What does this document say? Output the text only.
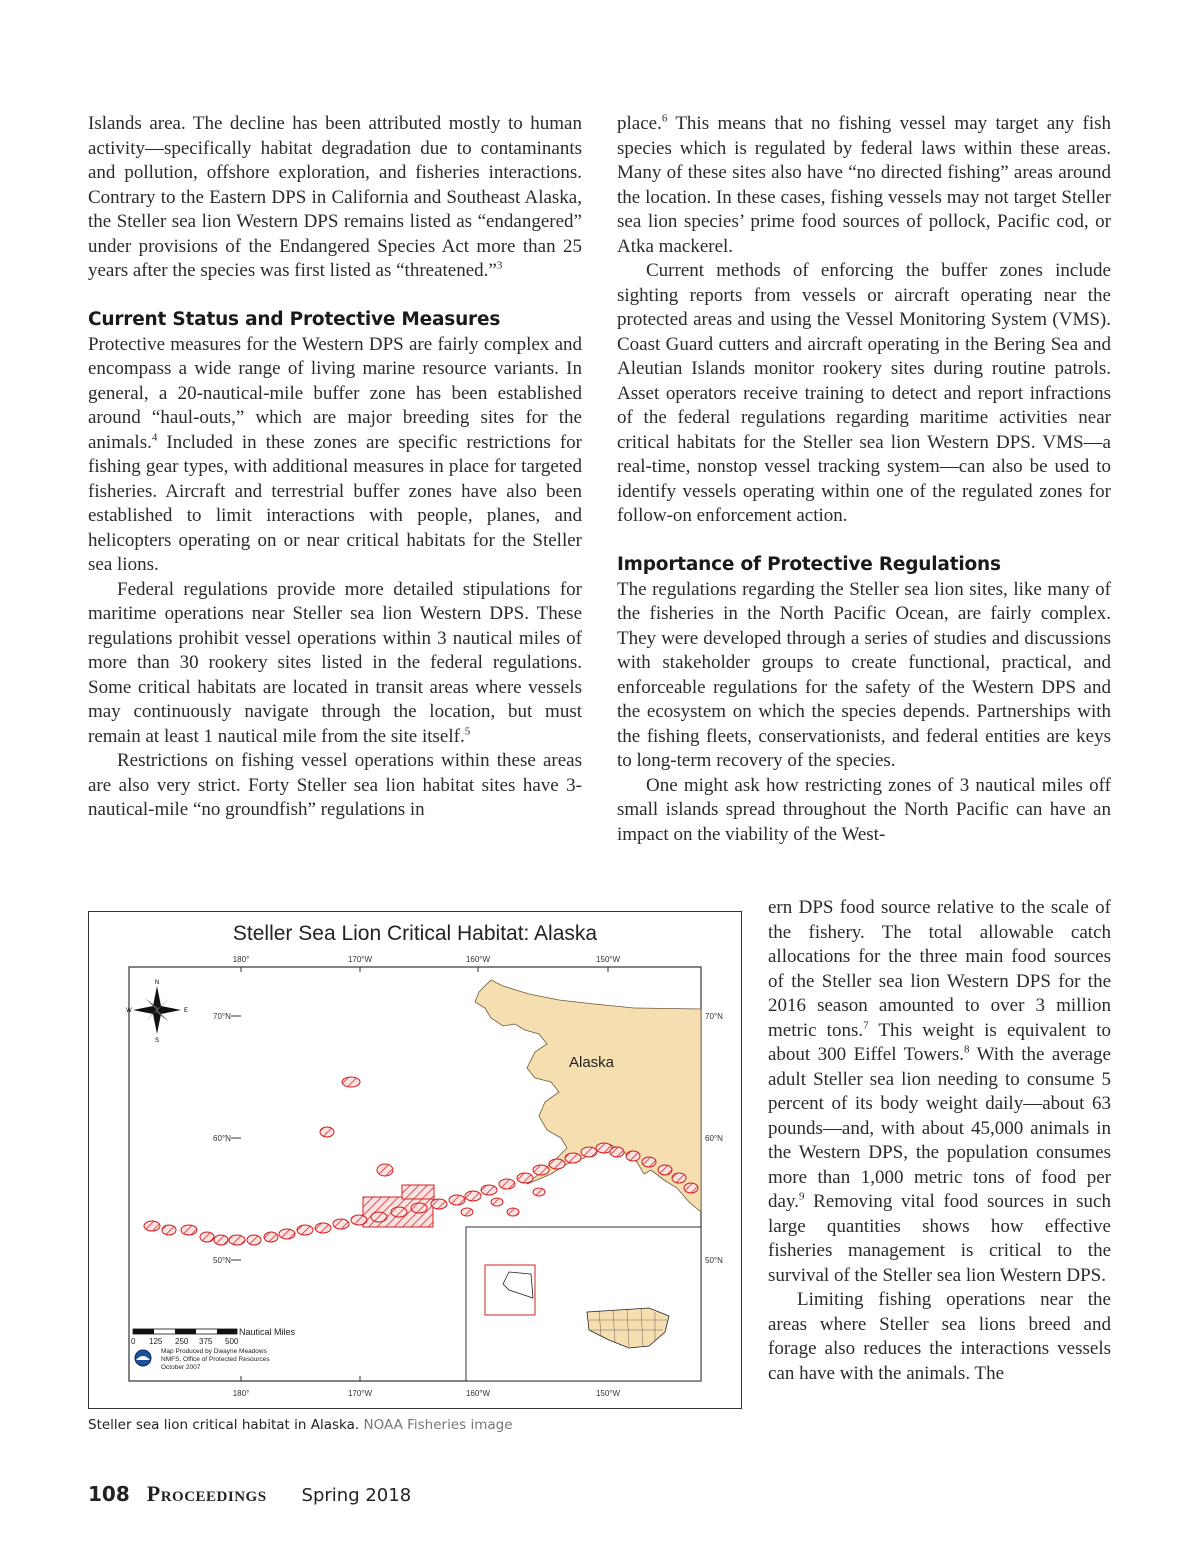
Islands area. The decline has been attributed mostly to human activity—specifically habitat degradation due to contaminants and pollution, offshore exploration, and fisheries interactions. Contrary to the Eastern DPS in California and Southeast Alaska, the Steller sea lion Western DPS remains listed as “endangered” under provisions of the Endangered Species Act more than 25 years after the species was first listed as “threatened.”$^3$

Current Status and Protective Measures

Protective measures for the Western DPS are fairly complex and encompass a wide range of living marine resource variants. In general, a 20-nautical-mile buffer zone has been established around “haul-outs,” which are major breeding sites for the animals.$^4$ Included in these zones are specific restrictions for fishing gear types, with additional measures in place for targeted fisheries. Aircraft and terrestrial buffer zones have also been established to limit interactions with people, planes, and helicopters operating on or near critical habitats for the Steller sea lions.

Federal regulations provide more detailed stipulations for maritime operations near Steller sea lion Western DPS. These regulations prohibit vessel operations within 3 nautical miles of more than 30 rookery sites listed in the federal regulations. Some critical habitats are located in transit areas where vessels may continuously navigate through the location, but must remain at least 1 nautical mile from the site itself.$^5$

Restrictions on fishing vessel operations within these areas are also very strict. Forty Steller sea lion habitat sites have 3-nautical-mile “no groundfish” regulations in

place.$^6$ This means that no fishing vessel may target any fish species which is regulated by federal laws within these areas. Many of these sites also have “no directed fishing” areas around the location. In these cases, fishing vessels may not target Steller sea lion species’ prime food sources of pollock, Pacific cod, or Atka mackerel.

Current methods of enforcing the buffer zones include sighting reports from vessels or aircraft operating near the protected areas and using the Vessel Monitoring System (VMS). Coast Guard cutters and aircraft operating in the Bering Sea and Aleutian Islands monitor rookery sites during routine patrols. Asset operators receive training to detect and report infractions of the federal regulations regarding maritime activities near critical habitats for the Steller sea lion Western DPS. VMS—a real-time, nonstop vessel tracking system—can also be used to identify vessels operating within one of the regulated zones for follow-on enforcement action.

Importance of Protective Regulations

The regulations regarding the Steller sea lion sites, like many of the fisheries in the North Pacific Ocean, are fairly complex. They were developed through a series of studies and discussions with stakeholder groups to create functional, practical, and enforceable regulations for the safety of the Western DPS and the ecosystem on which the species depends. Partnerships with the fishing fleets, conservationists, and federal entities are keys to long-term recovery of the species.

One might ask how restricting zones of 3 nautical miles off small islands spread throughout the North Pacific can have an impact on the viability of the West-

ern DPS food source relative to the scale of the fishery. The total allowable catch allocations for the three main food sources of the Steller sea lion Western DPS for the 2016 season amounted to over 3 million metric tons.$^7$ This weight is equivalent to about 300 Eiffel Towers.$^8$ With the average adult Steller sea lion needing to consume 5 percent of its body weight daily—about 63 pounds—and, with about 45,000 animals in the Western DPS, the population consumes more than 1,000 metric tons of food per day.$^9$ Removing vital food sources in such large quantities shows how effective fisheries management is critical to the survival of the Steller sea lion Western DPS.

Limiting fishing operations near the areas where Steller sea lions breed and forage also reduces the interactions vessels can have with the animals. The

Steller Sea Lion Critical Habitat: Alaska
180°	170°W	160°W	150°W
180°	170°W	160°W	150°W
70°N
60°N
50°N
70°N
60°N
50°N
N
S
E
W
Alaska
Nautical Miles
0 125 250 375 500
Map Produced by Dwayne Meadows
NMFS, Office of Protected Resources
October 2007
Steller sea lion critical habitat in Alaska. NOAA Fisheries image
108 Proceedings Spring 2018
